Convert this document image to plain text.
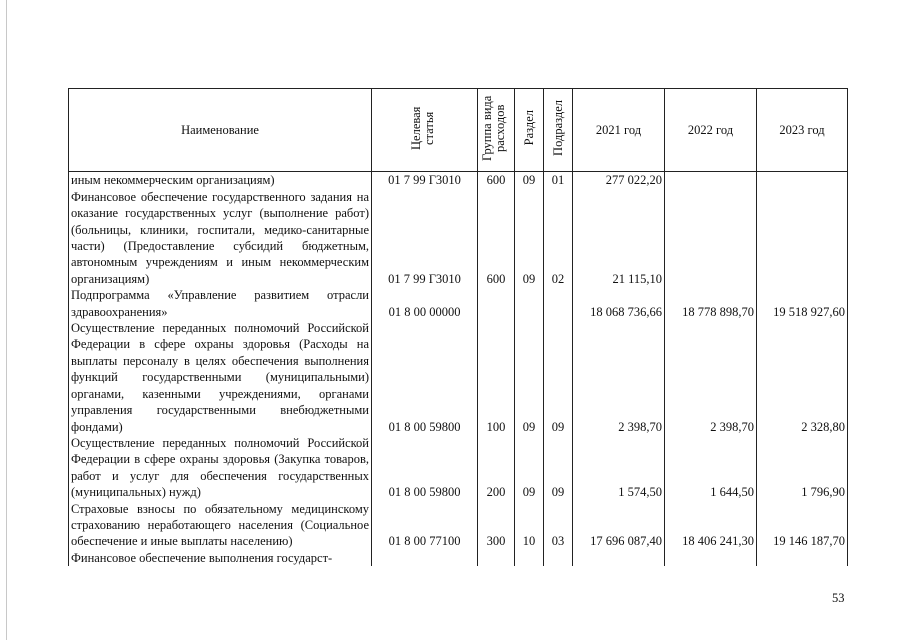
Наименование	Целевая статья	Группа вида расходов	Раздел	Подраздел	2021 год	2022 год	2023 год
иным некоммерческим организациям)	01 7 99 Г3010	600	09	01	277 022,20		
Финансовое обеспечение государственного задания на оказание государственных услуг (выполнение работ) (больницы, клиники, госпитали, медико-санитарные части) (Предоставление субсидий бюджетным, автономным учреждениям и иным некоммерческим организациям)	01 7 99 Г3010	600	09	02	21 115,10		
Подпрограмма «Управление развитием отрасли здравоохранения»	01 8 00 00000				18 068 736,66	18 778 898,70	19 518 927,60
Осуществление переданных полномочий Российской Федерации в сфере охраны здоровья (Расходы на выплаты персоналу в целях обеспечения выполнения функций государственными (муниципальными) органами, казенными учреждениями, органами управления государственными внебюджетными фондами)	01 8 00 59800	100	09	09	2 398,70	2 398,70	2 328,80
Осуществление переданных полномочий Российской Федерации в сфере охраны здоровья (Закупка товаров, работ и услуг для обеспечения государственных (муниципальных) нужд)	01 8 00 59800	200	09	09	1 574,50	1 644,50	1 796,90
Страховые взносы по обязательному медицинскому страхованию неработающего населения (Социальное обеспечение и иные выплаты населению)	01 8 00 77100	300	10	03	17 696 087,40	18 406 241,30	19 146 187,70
Финансовое обеспечение выполнения государст-							
53
